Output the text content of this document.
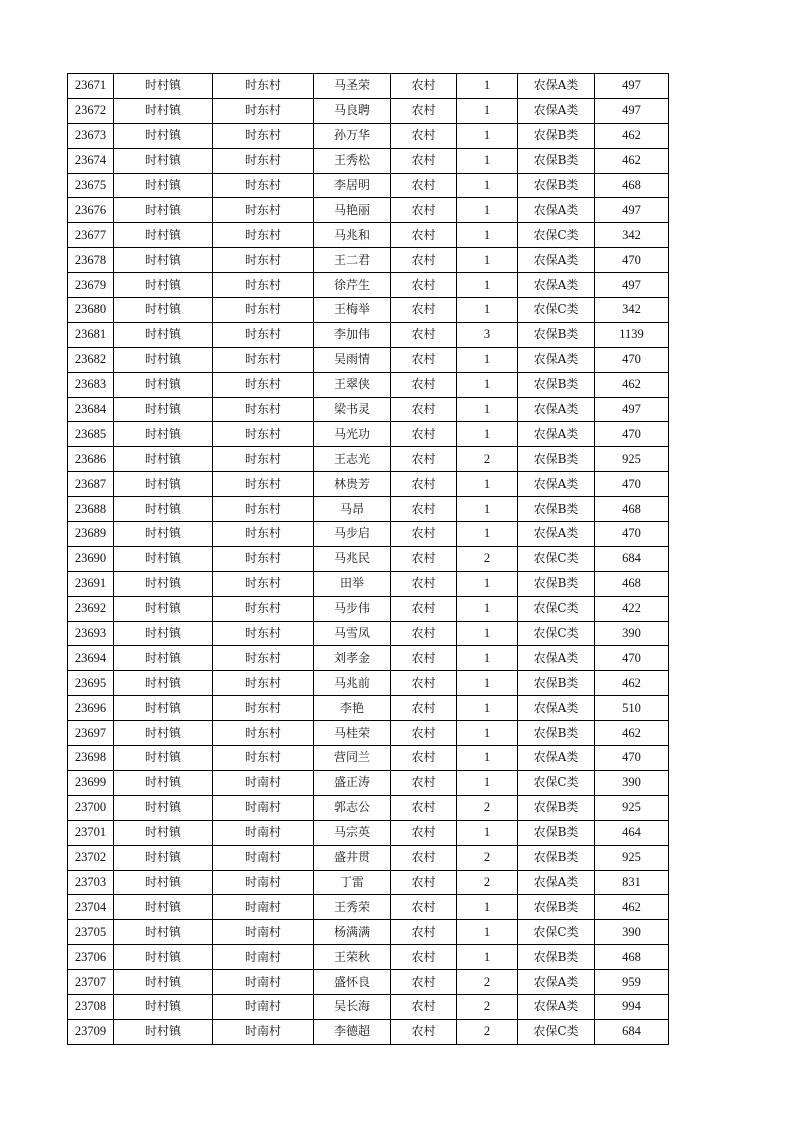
23671	时村镇	时东村	马圣荣	农村	1	农保A类	497
23672	时村镇	时东村	马良聘	农村	1	农保A类	497
23673	时村镇	时东村	孙万华	农村	1	农保B类	462
23674	时村镇	时东村	王秀松	农村	1	农保B类	462
23675	时村镇	时东村	李居明	农村	1	农保B类	468
23676	时村镇	时东村	马艳丽	农村	1	农保A类	497
23677	时村镇	时东村	马兆和	农村	1	农保C类	342
23678	时村镇	时东村	王二君	农村	1	农保A类	470
23679	时村镇	时东村	徐芹生	农村	1	农保A类	497
23680	时村镇	时东村	王梅举	农村	1	农保C类	342
23681	时村镇	时东村	李加伟	农村	3	农保B类	1139
23682	时村镇	时东村	吴雨情	农村	1	农保A类	470
23683	时村镇	时东村	王翠侠	农村	1	农保B类	462
23684	时村镇	时东村	梁书灵	农村	1	农保A类	497
23685	时村镇	时东村	马光功	农村	1	农保A类	470
23686	时村镇	时东村	王志光	农村	2	农保B类	925
23687	时村镇	时东村	林贵芳	农村	1	农保A类	470
23688	时村镇	时东村	马昂	农村	1	农保B类	468
23689	时村镇	时东村	马步启	农村	1	农保A类	470
23690	时村镇	时东村	马兆民	农村	2	农保C类	684
23691	时村镇	时东村	田举	农村	1	农保B类	468
23692	时村镇	时东村	马步伟	农村	1	农保C类	422
23693	时村镇	时东村	马雪凤	农村	1	农保C类	390
23694	时村镇	时东村	刘孝金	农村	1	农保A类	470
23695	时村镇	时东村	马兆前	农村	1	农保B类	462
23696	时村镇	时东村	李艳	农村	1	农保A类	510
23697	时村镇	时东村	马桂荣	农村	1	农保B类	462
23698	时村镇	时东村	营同兰	农村	1	农保A类	470
23699	时村镇	时南村	盛正涛	农村	1	农保C类	390
23700	时村镇	时南村	郭志公	农村	2	农保B类	925
23701	时村镇	时南村	马宗英	农村	1	农保B类	464
23702	时村镇	时南村	盛井贯	农村	2	农保B类	925
23703	时村镇	时南村	丁雷	农村	2	农保A类	831
23704	时村镇	时南村	王秀荣	农村	1	农保B类	462
23705	时村镇	时南村	杨满满	农村	1	农保C类	390
23706	时村镇	时南村	王荣秋	农村	1	农保B类	468
23707	时村镇	时南村	盛怀良	农村	2	农保A类	959
23708	时村镇	时南村	吴长海	农村	2	农保A类	994
23709	时村镇	时南村	李德超	农村	2	农保C类	684
